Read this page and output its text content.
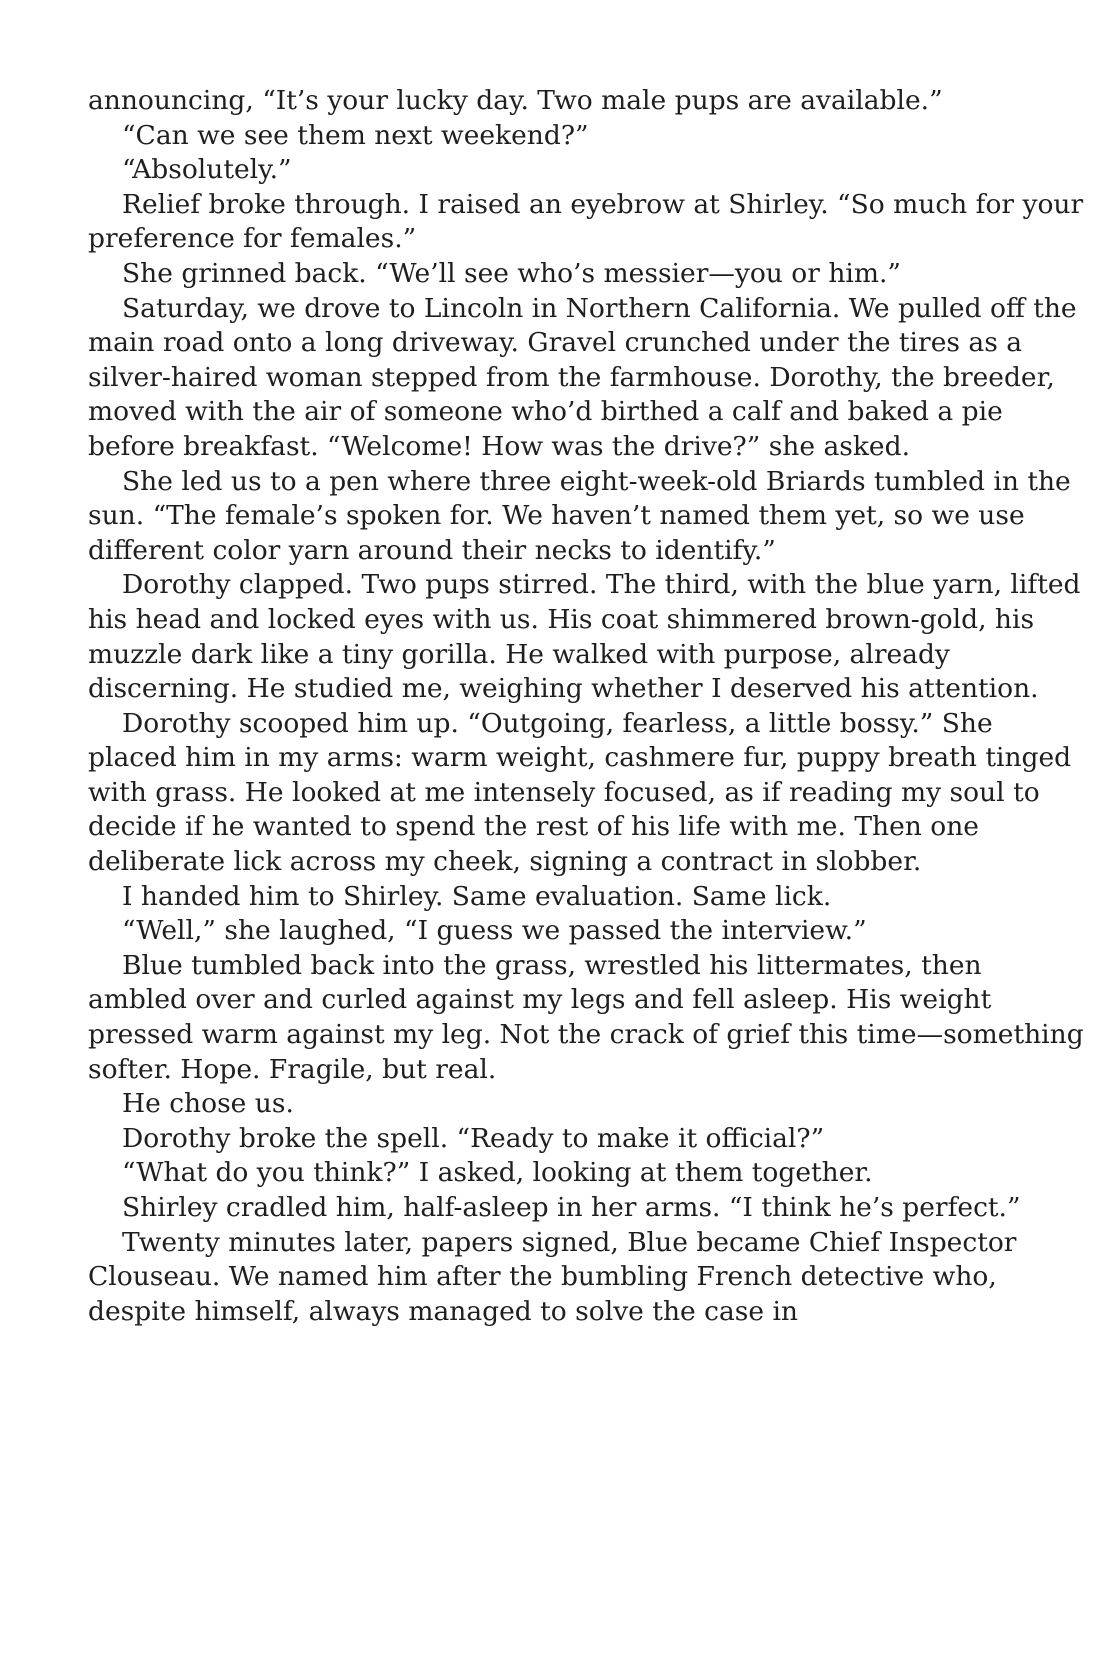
announcing, “It’s your lucky day. Two male pups are available.”

“Can we see them next weekend?”

“Absolutely.”

Relief broke through. I raised an eyebrow at Shirley. “So much for your preference for females.”

She grinned back. “We’ll see who’s messier—you or him.”

Saturday, we drove to Lincoln in Northern California. We pulled off the main road onto a long driveway. Gravel crunched under the tires as a silver-haired woman stepped from the farmhouse. Dorothy, the breeder, moved with the air of someone who’d birthed a calf and baked a pie before breakfast. “Welcome! How was the drive?” she asked.

She led us to a pen where three eight-week-old Briards tumbled in the sun. “The female’s spoken for. We haven’t named them yet, so we use different color yarn around their necks to identify.”

Dorothy clapped. Two pups stirred. The third, with the blue yarn, lifted his head and locked eyes with us. His coat shimmered brown-gold, his muzzle dark like a tiny gorilla. He walked with purpose, already discerning. He studied me, weighing whether I deserved his attention.

Dorothy scooped him up. “Outgoing, fearless, a little bossy.” She placed him in my arms: warm weight, cashmere fur, puppy breath tinged with grass. He looked at me intensely focused, as if reading my soul to decide if he wanted to spend the rest of his life with me. Then one deliberate lick across my cheek, signing a contract in slobber.

I handed him to Shirley. Same evaluation. Same lick.

“Well,” she laughed, “I guess we passed the interview.”

Blue tumbled back into the grass, wrestled his littermates, then ambled over and curled against my legs and fell asleep. His weight pressed warm against my leg. Not the crack of grief this time—something softer. Hope. Fragile, but real.

He chose us.

Dorothy broke the spell. “Ready to make it official?”

“What do you think?” I asked, looking at them together.

Shirley cradled him, half-asleep in her arms. “I think he’s perfect.”

Twenty minutes later, papers signed, Blue became Chief Inspector Clouseau. We named him after the bumbling French detective who, despite himself, always managed to solve the case in
